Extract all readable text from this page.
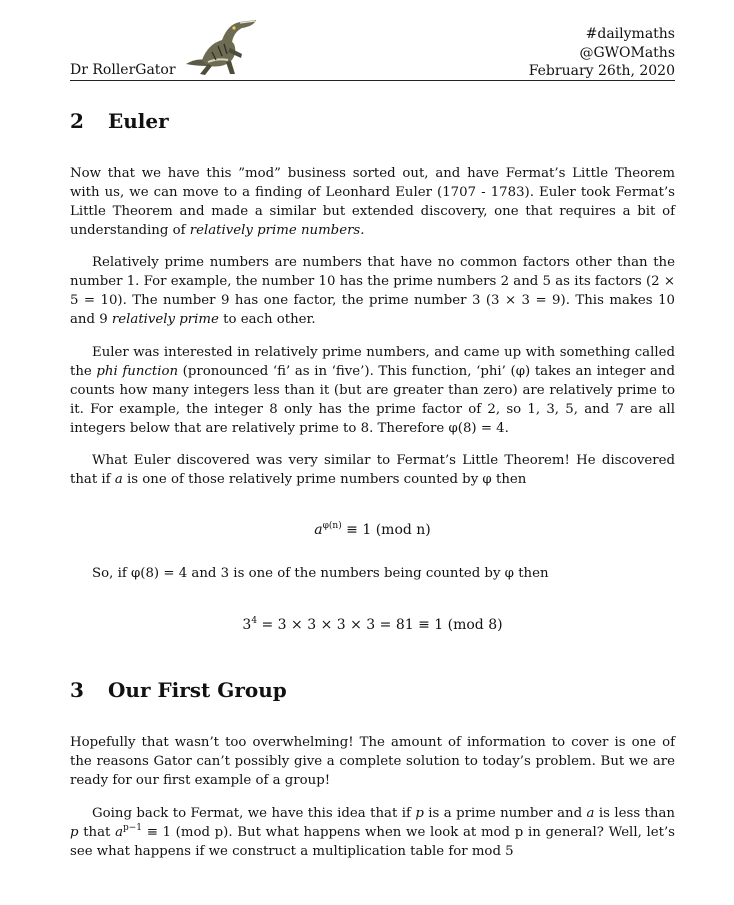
Dr RollerGator
#dailymaths
@GWOMaths
February 26th, 2020
2 Euler

Now that we have this ”mod” business sorted out, and have Fermat’s Little Theorem with us, we can move to a finding of Leonhard Euler (1707 - 1783). Euler took Fermat’s Little Theorem and made a similar but extended discovery, one that requires a bit of understanding of relatively prime numbers.

Relatively prime numbers are numbers that have no common factors other than the number 1. For example, the number 10 has the prime numbers 2 and 5 as its factors (2 × 5 = 10). The number 9 has one factor, the prime number 3 (3 × 3 = 9). This makes 10 and 9 relatively prime to each other.

Euler was interested in relatively prime numbers, and came up with something called the phi function (pronounced ‘fi’ as in ‘five’). This function, ‘phi’ (φ) takes an integer and counts how many integers less than it (but are greater than zero) are relatively prime to it. For example, the integer 8 only has the prime factor of 2, so 1, 3, 5, and 7 are all integers below that are relatively prime to 8. Therefore φ(8) = 4.

What Euler discovered was very similar to Fermat’s Little Theorem! He discovered that if a is one of those relatively prime numbers counted by φ then

$a^{\varphi(n)} \equiv 1$ (mod n)

So, if φ(8) = 4 and 3 is one of the numbers being counted by φ then

$3^4 = 3 \times 3 \times 3 \times 3 = 81 \equiv 1$ (mod 8)

3 Our First Group

Hopefully that wasn’t too overwhelming! The amount of information to cover is one of the reasons Gator can’t possibly give a complete solution to today’s problem. But we are ready for our first example of a group!

Going back to Fermat, we have this idea that if p is a prime number and a is less than p that $a^{p-1} \equiv 1$ (mod p). But what happens when we look at mod p in general? Well, let’s see what happens if we construct a multiplication table for mod 5
